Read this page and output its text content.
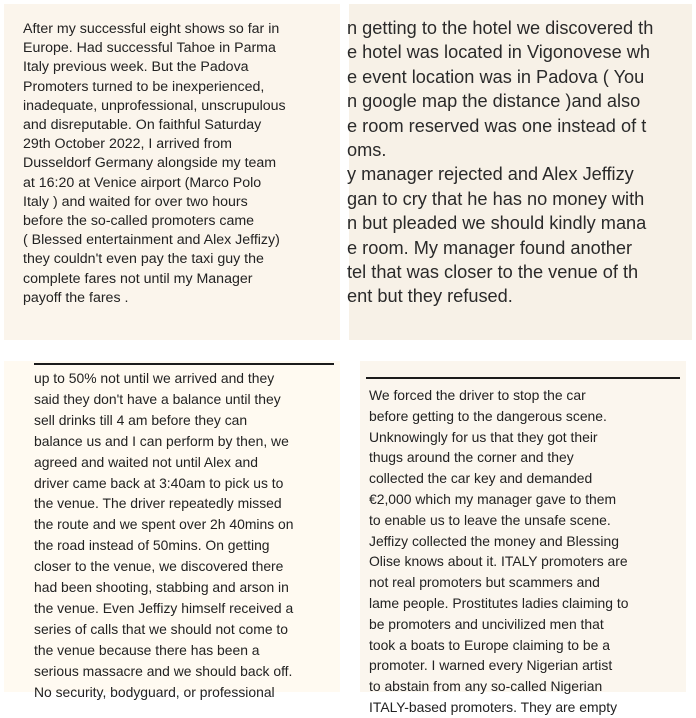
After my successful eight shows so far in
Europe. Had successful Tahoe in Parma
Italy previous week. But the Padova
Promoters turned to be inexperienced,
inadequate, unprofessional, unscrupulous
and disreputable. On faithful Saturday
29th October 2022, I arrived from
Dusseldorf Germany alongside my team
at 16:20 at Venice airport (Marco Polo
Italy ) and waited for over two hours
before the so-called promoters came
( Blessed entertainment and Alex Jeffizy)
they couldn't even pay the taxi guy the
complete fares not until my Manager
payoff the fares .
n getting to the hotel we discovered th
e hotel was located in Vigonovese wh
e event location was in Padova ( You
n google map the distance )and also
e room reserved was one instead of t
oms.
y manager rejected and Alex Jeffizy
gan to cry that he has no money with
n but pleaded we should kindly mana
e room. My manager found another
tel that was closer to the venue of th
ent but they refused.
up to 50% not until we arrived and they
said they don't have a balance until they
sell drinks till 4 am before they can
balance us and I can perform by then, we
agreed and waited not until Alex and
driver came back at 3:40am to pick us to
the venue. The driver repeatedly missed
the route and we spent over 2h 40mins on
the road instead of 50mins. On getting
closer to the venue, we discovered there
had been shooting, stabbing and arson in
the venue. Even Jeffizy himself received a
series of calls that we should not come to
the venue because there has been a
serious massacre and we should back off.
No security, bodyguard, or professional
We forced the driver to stop the car
before getting to the dangerous scene.
Unknowingly for us that they got their
thugs around the corner and they
collected the car key and demanded
€2,000 which my manager gave to them
to enable us to leave the unsafe scene.
Jeffizy collected the money and Blessing
Olise knows about it. ITALY promoters are
not real promoters but scammers and
lame people. Prostitutes ladies claiming to
be promoters and uncivilized men that
took a boats to Europe claiming to be a
promoter. I warned every Nigerian artist
to abstain from any so-called Nigerian
ITALY-based promoters. They are empty
